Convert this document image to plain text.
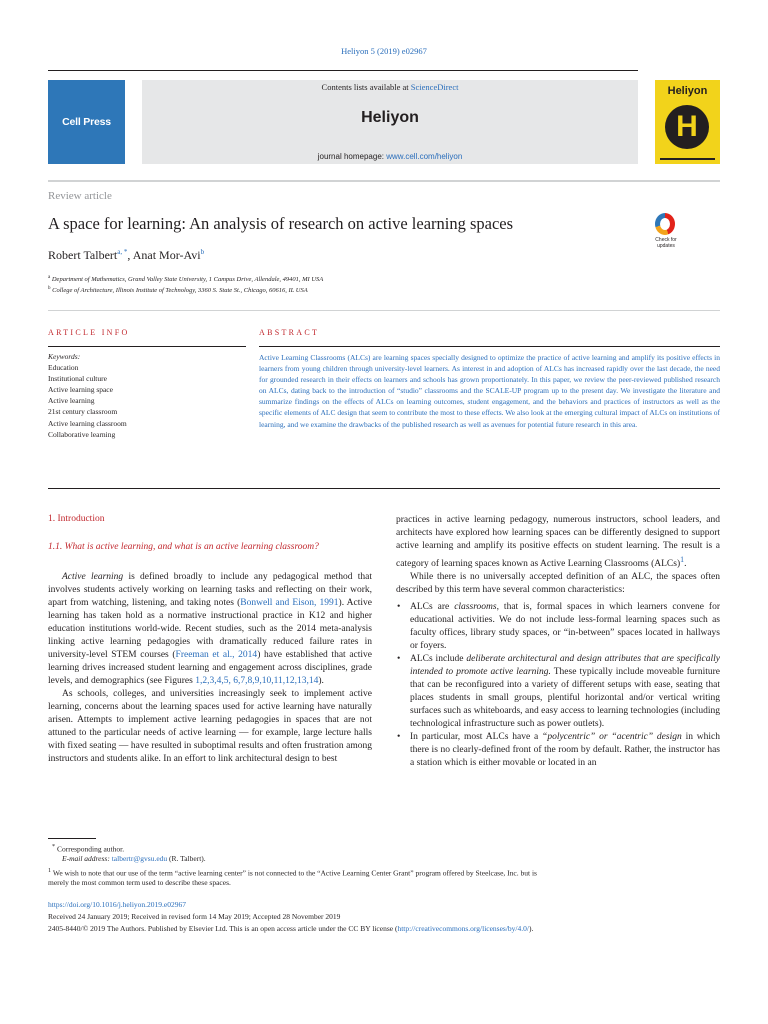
Heliyon 5 (2019) e02967
Cell Press
Contents lists available at ScienceDirect
Heliyon
journal homepage: www.cell.com/heliyon
Heliyon
H
Review article
A space for learning: An analysis of research on active learning spaces
Check for updates
Robert Talbert$^{a, *}$, Anat Mor-Avi$^b$
$^a$ Department of Mathematics, Grand Valley State University, 1 Campus Drive, Allendale, 49401, MI USA
$^b$ College of Architecture, Illinois Institute of Technology, 3360 S. State St., Chicago, 60616, IL USA
ARTICLE INFO	ABSTRACT
Keywords:
Education
Institutional culture
Active learning space
Active learning
21st century classroom
Active learning classroom
Collaborative learning
Active Learning Classrooms (ALCs) are learning spaces specially designed to optimize the practice of active learning and amplify its positive effects in learners from young children through university-level learners. As interest in and adoption of ALCs has increased rapidly over the last decade, the need for grounded research in their effects on learners and schools has grown proportionately. In this paper, we review the peer-reviewed published research on ALCs, dating back to the introduction of “studio” classrooms and the SCALE-UP program up to the present day. We investigate the literature and summarize findings on the effects of ALCs on learning outcomes, student engagement, and the behaviors and practices of instructors as well as the specific elements of ALC design that seem to contribute the most to these effects. We also look at the emerging cultural impact of ALCs on institutions of learning, and we examine the drawbacks of the published research as well as avenues for potential future research in this area.
1. Introduction
1.1. What is active learning, and what is an active learning classroom?

Active learning is defined broadly to include any pedagogical method that involves students actively working on learning tasks and reflecting on their work, apart from watching, listening, and taking notes (Bonwell and Eison, 1991). Active learning has taken hold as a normative instructional practice in K12 and higher education institutions world-wide. Recent studies, such as the 2014 meta-analysis linking active learning pedagogies with dramatically reduced failure rates in university-level STEM courses (Freeman et al., 2014) have established that active learning drives increased student learning and engagement across disciplines, grade levels, and demographics (see Figures 1,2,3,4,5, 6,7,8,9,10,11,12,13,14).

As schools, colleges, and universities increasingly seek to implement active learning, concerns about the learning spaces used for active learning have naturally arisen. Attempts to implement active learning pedagogies in spaces that are not attuned to the particular needs of active learning — for example, large lecture halls with fixed seating — have resulted in suboptimal results and often frustration among instructors and students alike. In an effort to link architectural design to best

practices in active learning pedagogy, numerous instructors, school leaders, and architects have explored how learning spaces can be differently designed to support active learning and amplify its positive effects on student learning. The result is a category of learning spaces known as Active Learning Classrooms (ALCs)$^1$.

While there is no universally accepted definition of an ALC, the spaces often described by this term have several common characteristics:

• ALCs are classrooms, that is, formal spaces in which learners convene for educational activities. We do not include less-formal learning spaces such as faculty offices, library study spaces, or “in-between” spaces located in hallways or foyers.
• ALCs include deliberate architectural and design attributes that are specifically intended to promote active learning. These typically include moveable furniture that can be reconfigured into a variety of different setups with ease, seating that places students in small groups, plentiful horizontal and/or vertical writing surfaces such as whiteboards, and easy access to learning technologies (including technological infrastructure such as power outlets).
• In particular, most ALCs have a “polycentric” or “acentric” design in which there is no clearly-defined front of the room by default. Rather, the instructor has a station which is either movable or located in an
* Corresponding author.
E-mail address: talbertr@gvsu.edu (R. Talbert).
$^1$ We wish to note that our use of the term “active learning center” is not connected to the “Active Learning Center Grant” program offered by Steelcase, Inc. but is
merely the most common term used to describe these spaces.
https://doi.org/10.1016/j.heliyon.2019.e02967
Received 24 January 2019; Received in revised form 14 May 2019; Accepted 28 November 2019
2405-8440/© 2019 The Authors. Published by Elsevier Ltd. This is an open access article under the CC BY license (http://creativecommons.org/licenses/by/4.0/).
